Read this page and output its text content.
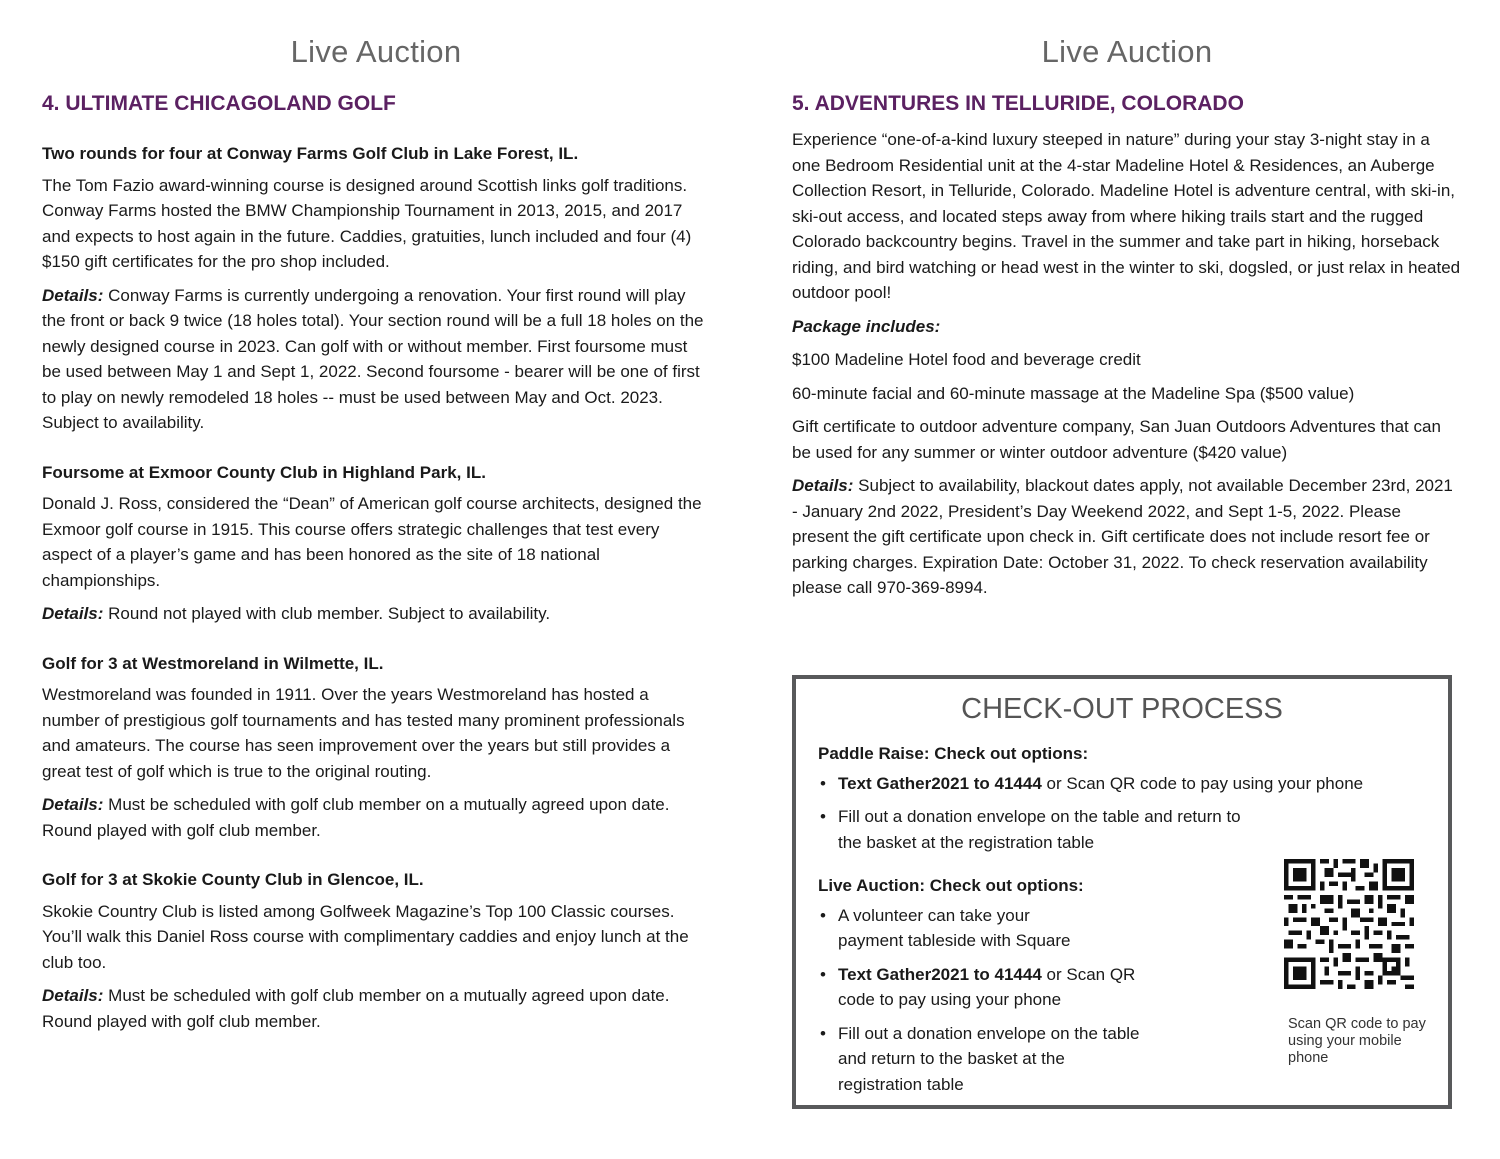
Live Auction
4. ULTIMATE CHICAGOLAND GOLF

Two rounds for four at Conway Farms Golf Club in Lake Forest, IL.

The Tom Fazio award-winning course is designed around Scottish links golf traditions. Conway Farms hosted the BMW Championship Tournament in 2013, 2015, and 2017 and expects to host again in the future. Caddies, gratuities, lunch included and four (4) $150 gift certificates for the pro shop included.

Details: Conway Farms is currently undergoing a renovation. Your first round will play the front or back 9 twice (18 holes total). Your section round will be a full 18 holes on the newly designed course in 2023. Can golf with or without member. First foursome must be used between May 1 and Sept 1, 2022. Second foursome - bearer will be one of first to play on newly remodeled 18 holes -- must be used between May and Oct. 2023. Subject to availability.

Foursome at Exmoor County Club in Highland Park, IL.

Donald J. Ross, considered the “Dean” of American golf course architects, designed the Exmoor golf course in 1915. This course offers strategic challenges that test every aspect of a player’s game and has been honored as the site of 18 national championships.

Details: Round not played with club member. Subject to availability.

Golf for 3 at Westmoreland in Wilmette, IL.

Westmoreland was founded in 1911. Over the years Westmoreland has hosted a number of prestigious golf tournaments and has tested many prominent professionals and amateurs. The course has seen improvement over the years but still provides a great test of golf which is true to the original routing.

Details: Must be scheduled with golf club member on a mutually agreed upon date. Round played with golf club member.

Golf for 3 at Skokie County Club in Glencoe, IL.

Skokie Country Club is listed among Golfweek Magazine’s Top 100 Classic courses. You’ll walk this Daniel Ross course with complimentary caddies and enjoy lunch at the club too.

Details: Must be scheduled with golf club member on a mutually agreed upon date. Round played with golf club member.

Live Auction
5. ADVENTURES IN TELLURIDE, COLORADO

Experience “one-of-a-kind luxury steeped in nature” during your stay 3-night stay in a one Bedroom Residential unit at the 4-star Madeline Hotel & Residences, an Auberge Collection Resort, in Telluride, Colorado. Madeline Hotel is adventure central, with ski-in, ski-out access, and located steps away from where hiking trails start and the rugged Colorado backcountry begins. Travel in the summer and take part in hiking, horseback riding, and bird watching or head west in the winter to ski, dogsled, or just relax in heated outdoor pool!

Package includes:

$100 Madeline Hotel food and beverage credit

60-minute facial and 60-minute massage at the Madeline Spa ($500 value)

Gift certificate to outdoor adventure company, San Juan Outdoors Adventures that can be used for any summer or winter outdoor adventure ($420 value)

Details: Subject to availability, blackout dates apply, not available December 23rd, 2021 - January 2nd 2022, President’s Day Weekend 2022, and Sept 1-5, 2022. Please present the gift certificate upon check in. Gift certificate does not include resort fee or parking charges. Expiration Date: October 31, 2022. To check reservation availability please call 970-369-8994.

CHECK-OUT PROCESS

Paddle Raise: Check out options:

• Text Gather2021 to 41444 or Scan QR code to pay using your phone
• Fill out a donation envelope on the table and return to the basket at the registration table

Live Auction: Check out options:

• A volunteer can take your payment tableside with Square
• Text Gather2021 to 41444 or Scan QR code to pay using your phone
• Fill out a donation envelope on the table and return to the basket at the registration table
Scan QR code to pay using your mobile phone
